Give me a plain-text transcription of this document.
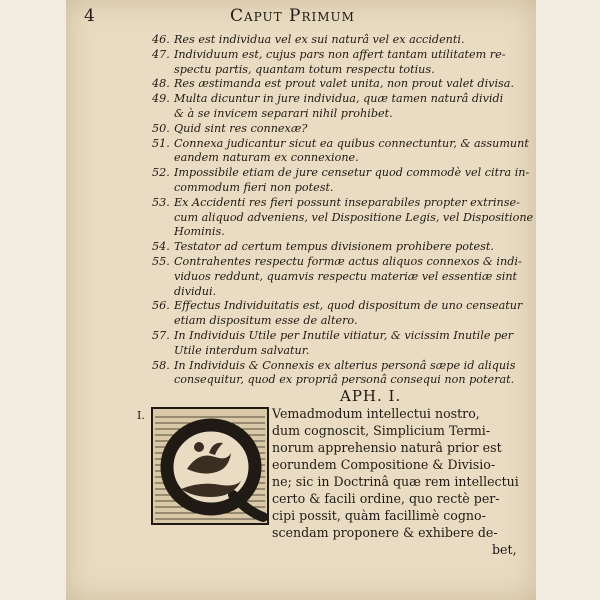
4	Caput Primum
46. Res est individua vel ex sui naturâ vel ex accidenti.
47. Individuum est, cujus pars non affert tantam utilitatem re-
spectu partis, quantam totum respectu totius.
48. Res æstimanda est prout valet unita, non prout valet divisa.
49. Multa dicuntur in jure individua, quæ tamen naturâ dividi
& à se invicem separari nihil prohibet.
50. Quid sint res connexæ?
51. Connexa judicantur sicut ea quibus connectuntur, & assumunt
eandem naturam ex connexione.
52. Impossibile etiam de jure censetur quod commodè vel citra in-
commodum fieri non potest.
53. Ex Accidenti res fieri possunt inseparabiles propter extrinse-
cum aliquod adveniens, vel Dispositione Legis, vel Dispositione
Hominis.
54. Testator ad certum tempus divisionem prohibere potest.
55. Contrahentes respectu formæ actus aliquos connexos & indi-
viduos reddunt, quamvis respectu materiæ vel essentiæ sint
dividui.
56. Effectus Individuitatis est, quod dispositum de uno censeatur
etiam dispositum esse de altero.
57. In Individuis Utile per Inutile vitiatur, & vicissim Inutile per
Utile interdum salvatur.
58. In Individuis & Connexis ex alterius personâ sæpe id aliquis
consequitur, quod ex propriâ personâ consequi non poterat.
APH. I.
I.	Vemadmodum intellectui nostro,
dum cognoscit, Simplicium Termi-
norum apprehensio naturâ prior est
eorundem Compositione & Divisio-
ne; sic in Doctrinâ quæ rem intellectui
certo & facili ordine, quo rectè per-
cipi possit, quàm facillimè cogno-
scendam proponere & exhibere de-
bet,
